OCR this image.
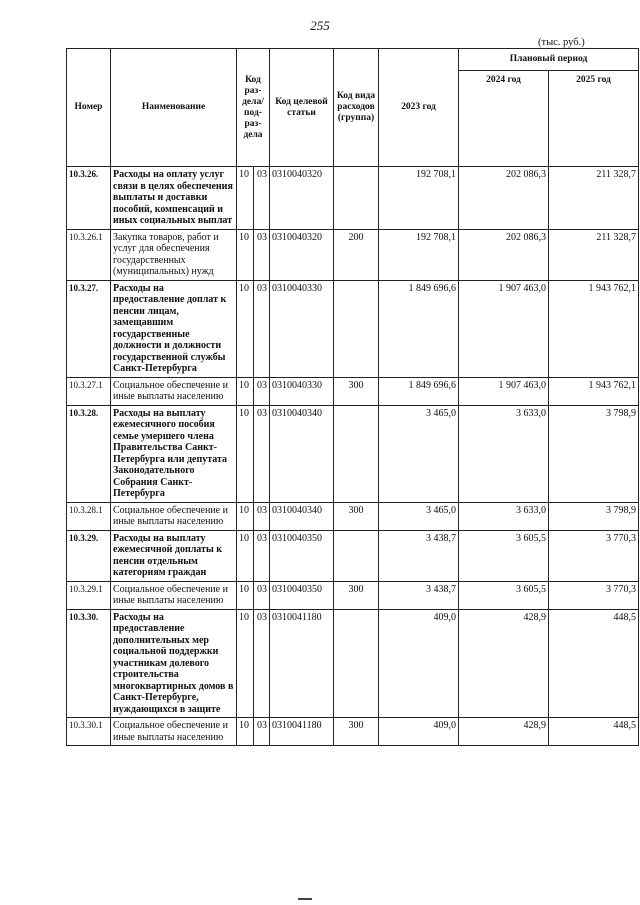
255
(тыс. руб.)
Номер	Наименование	Код раз-дела/ под-раз-дела		Код целевой статьи	Код вида расходов (группа)	2023 год	Плановый период	
							2024 год	2025 год
10.3.26.	Расходы на оплату услуг связи в целях обеспечения выплаты и доставки пособий, компенсаций и иных социальных выплат	10	03	0310040320		192 708,1	202 086,3	211 328,7
10.3.26.1	Закупка товаров, работ и услуг для обеспечения государственных (муниципальных) нужд	10	03	0310040320	200	192 708,1	202 086,3	211 328,7
10.3.27.	Расходы на предоставление доплат к пенсии лицам, замещавшим государственные должности и должности государственной службы Санкт-Петербурга	10	03	0310040330		1 849 696,6	1 907 463,0	1 943 762,1
10.3.27.1	Социальное обеспечение и иные выплаты населению	10	03	0310040330	300	1 849 696,6	1 907 463,0	1 943 762,1
10.3.28.	Расходы на выплату ежемесячного пособия семье умершего члена Правительства Санкт-Петербурга или депутата Законодательного Собрания Санкт-Петербурга	10	03	0310040340		3 465,0	3 633,0	3 798,9
10.3.28.1	Социальное обеспечение и иные выплаты населению	10	03	0310040340	300	3 465,0	3 633,0	3 798,9
10.3.29.	Расходы на выплату ежемесячной доплаты к пенсии отдельным категориям граждан	10	03	0310040350		3 438,7	3 605,5	3 770,3
10.3.29.1	Социальное обеспечение и иные выплаты населению	10	03	0310040350	300	3 438,7	3 605,5	3 770,3
10.3.30.	Расходы на предоставление дополнительных мер социальной поддержки участникам долевого строительства многоквартирных домов в Санкт-Петербурге, нуждающихся в защите	10	03	0310041180		409,0	428,9	448,5
10.3.30.1	Социальное обеспечение и иные выплаты населению	10	03	0310041180	300	409,0	428,9	448,5
